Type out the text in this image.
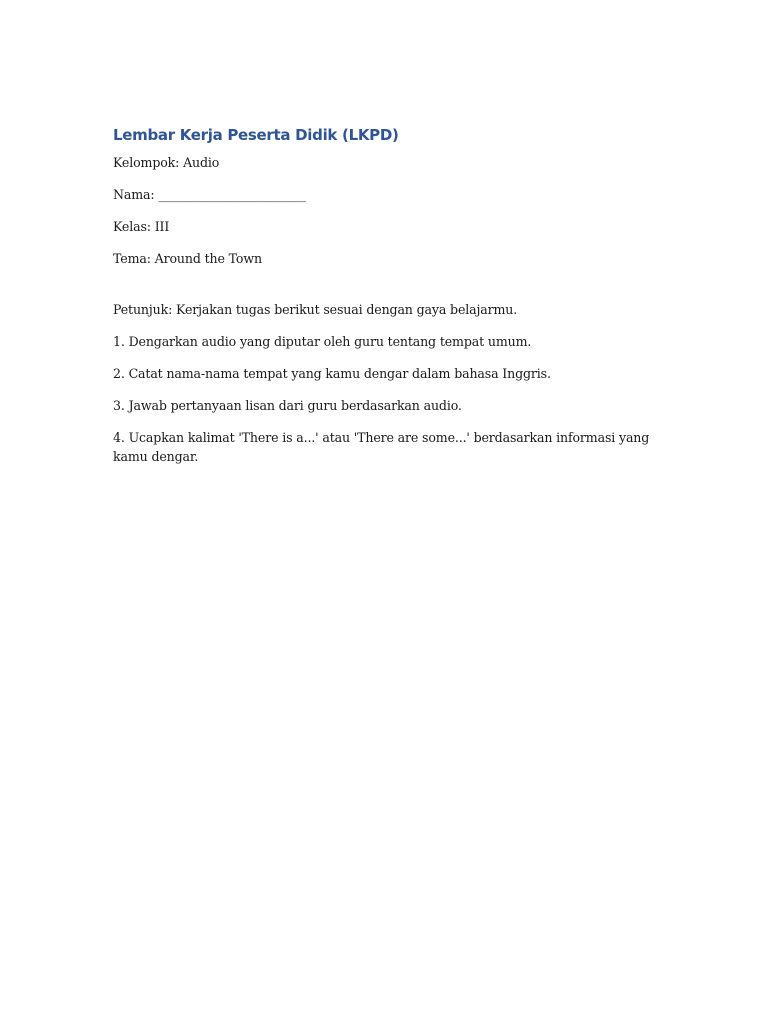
Lembar Kerja Peserta Didik (LKPD)

Kelompok: Audio

Nama: ________________________

Kelas: III

Tema: Around the Town

Petunjuk: Kerjakan tugas berikut sesuai dengan gaya belajarmu.

1. Dengarkan audio yang diputar oleh guru tentang tempat umum.

2. Catat nama-nama tempat yang kamu dengar dalam bahasa Inggris.

3. Jawab pertanyaan lisan dari guru berdasarkan audio.

4. Ucapkan kalimat 'There is a...' atau 'There are some...' berdasarkan informasi yang kamu dengar.
